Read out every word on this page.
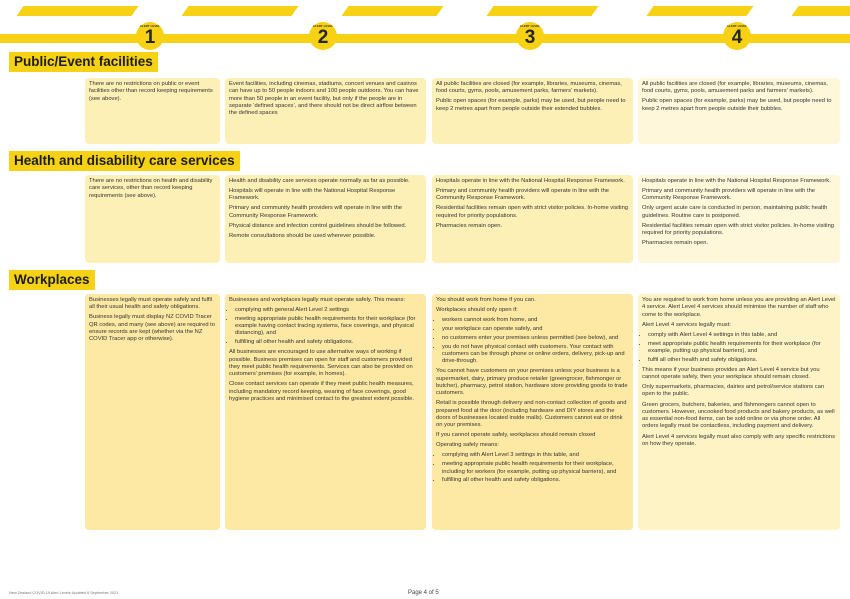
ALERT LEVEL
1
ALERT LEVEL
2
ALERT LEVEL
3
ALERT LEVEL
4
Public/Event facilities

There are no restrictions on public or event facilities other than record keeping requirements (see above).

Event facilities, including cinemas, stadiums, concert venues and casinos can have up to 50 people indoors and 100 people outdoors. You can have more than 50 people in an event facility, but only if the people are in separate ‘defined spaces’, and there should not be direct airflow between the defined spaces

All public facilities are closed (for example, libraries, museums, cinemas, food courts, gyms, pools, amusement parks, farmers’ markets).

Public open spaces (for example, parks) may be used, but people need to keep 2 metres apart from people outside their extended bubbles.

All public facilities are closed (for example, libraries, museums, cinemas, food courts, gyms, pools, amusement parks and farmers’ markets).

Public open spaces (for example, parks) may be used, but people need to keep 2 metres apart from people outside their bubbles.

Health and disability care services

There are no restrictions on health and disability care services, other than record keeping requirements (see above).

Health and disability care services operate normally as far as possible.

Hospitals will operate in line with the National Hospital Response Framework.

Primary and community health providers will operate in line with the Community Response Framework.

Physical distance and infection control guidelines should be followed.

Remote consultations should be used wherever possible.

Hospitals operate in line with the National Hospital Response Framework.

Primary and community health providers will operate in line with the Community Response Framework.

Residential facilities remain open with strict visitor policies. In-home visiting required for priority populations.

Pharmacies remain open.

Hospitals operate in line with the National Hospital Response Framework.

Primary and community health providers will operate in line with the Community Response Framework.

Only urgent acute care is conducted in person, maintaining public health guidelines. Routine care is postponed.

Residential facilities remain open with strict visitor policies. In-home visiting required for priority populations.

Pharmacies remain open.

Workplaces

Businesses legally must operate safely and fulfil all their usual health and safety obligations.

Business legally must display NZ COVID Tracer QR codes, and many (see above) are required to ensure records are kept (whether via the NZ COVID Tracer app or otherwise).

Businesses and workplaces legally must operate safely. This means:

• complying with general Alert Level 2 settings
• meeting appropriate public health requirements for their workplace (for example having contact tracing systems, face coverings, and physical distancing), and
• fulfilling all other health and safety obligations.

All businesses are encouraged to use alternative ways of working if possible. Business premises can open for staff and customers provided they meet public health requirements. Services can also be provided on customers’ premises (for example, in homes).

Close contact services can operate if they meet public health measures, including mandatory record keeping, wearing of face coverings, good hygiene practices and minimised contact to the greatest extent possible.

You should work from home if you can.

Workplaces should only open if:

• workers cannot work from home, and
• your workplace can operate safely, and
• no customers enter your premises unless permitted (see below), and
• you do not have physical contact with customers. Your contact with customers can be through phone or online orders, delivery, pick-up and drive-through.

You cannot have customers on your premises unless your business is a supermarket, dairy, primary produce retailer (greengrocer, fishmonger or butcher), pharmacy, petrol station, hardware store providing goods to trade customers.

Retail is possible through delivery and non-contact collection of goods and prepared food at the door (including hardware and DIY stores and the doors of businesses located inside malls). Customers cannot eat or drink on your premises.

If you cannot operate safely, workplaces should remain closed

Operating safely means:

• complying with Alert Level 3 settings in this table, and
• meeting appropriate public health requirements for their workplace, including for workers (for example, putting up physical barriers), and
• fulfilling all other health and safety obligations.

You are required to work from home unless you are providing an Alert Level 4 service. Alert Level 4 services should minimise the number of staff who come to the workplace.

Alert Level 4 services legally must:

• comply with Alert Level 4 settings in this table, and
• meet appropriate public health requirements for their workplace (for example, putting up physical barriers), and
• fulfil all other health and safety obligations.

This means if your business provides an Alert Level 4 service but you cannot operate safely, then your workplace should remain closed.

Only supermarkets, pharmacies, dairies and petrol/service stations can open to the public.

Green grocers, butchers, bakeries, and fishmongers cannot open to customers. However, uncooked food products and bakery products, as well as essential non-food items, can be sold online or via phone order. All orders legally must be contactless, including payment and delivery.

Alert Level 4 services legally must also comply with any specific restrictions on how they operate.

New Zealand COVID-19 Alert Levels Updated 6 September 2021	Page 4 of 5
